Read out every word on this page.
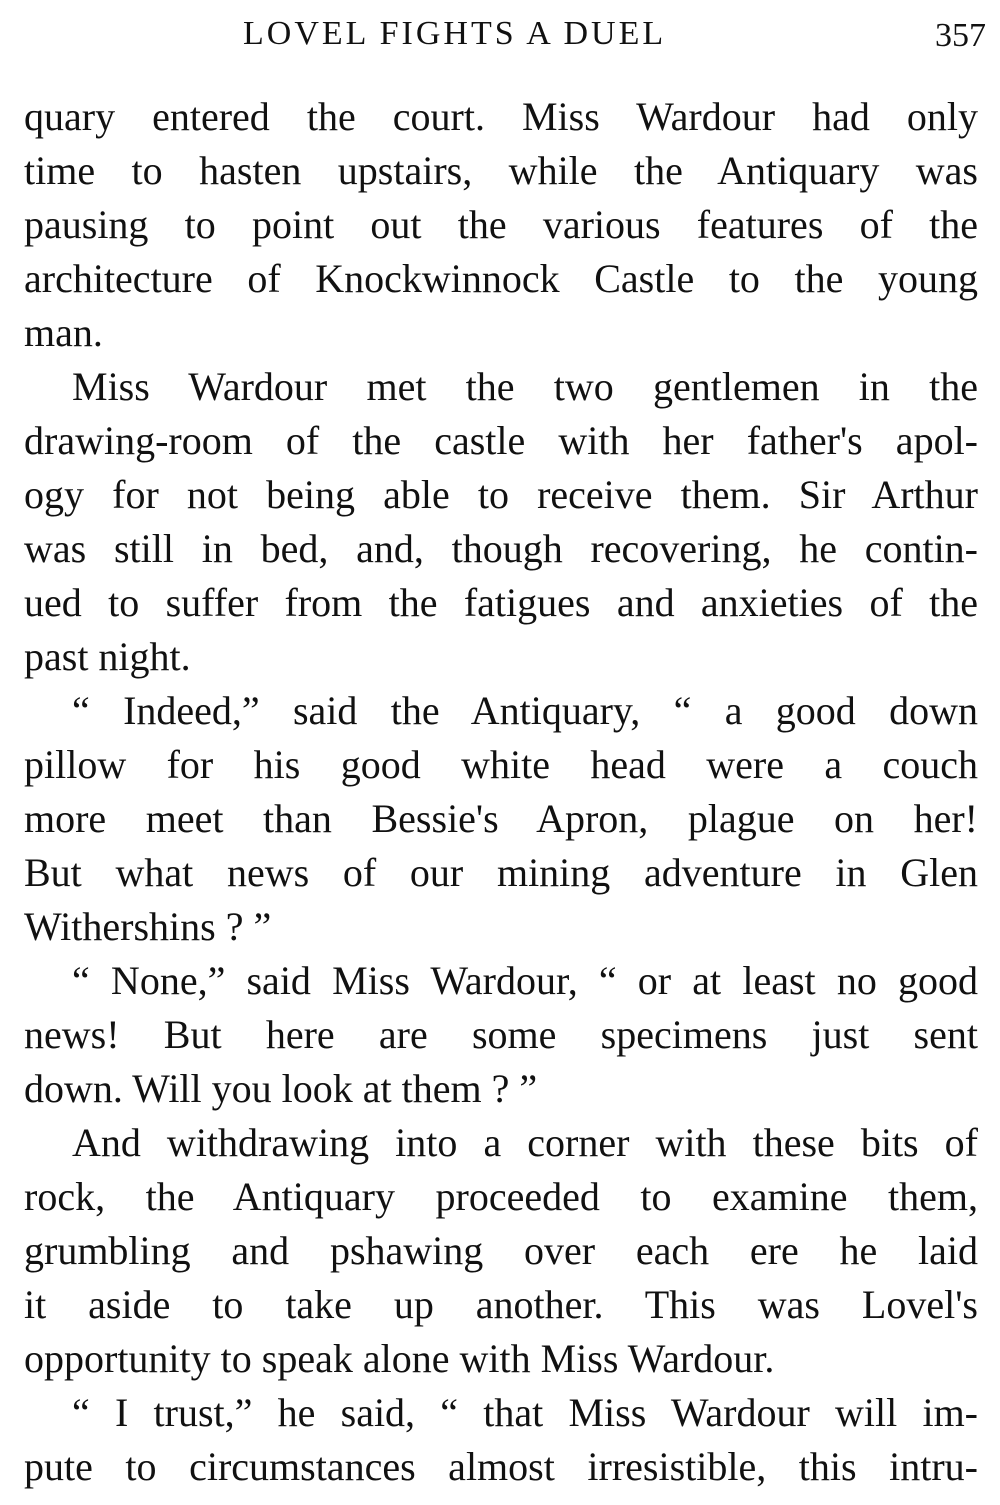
LOVEL FIGHTS A DUEL	357
quary entered the court. Miss Wardour had only
time to hasten upstairs, while the Antiquary was
pausing to point out the various features of the
architecture of Knockwinnock Castle to the young
man.
Miss Wardour met the two gentlemen in the
drawing-room of the castle with her father's apol-
ogy for not being able to receive them. Sir Arthur
was still in bed, and, though recovering, he contin-
ued to suffer from the fatigues and anxieties of the
past night.
“ Indeed,” said the Antiquary, “ a good down
pillow for his good white head were a couch
more meet than Bessie's Apron, plague on her!
But what news of our mining adventure in Glen
Withershins ? ”
“ None,” said Miss Wardour, “ or at least no good
news! But here are some specimens just sent
down. Will you look at them ? ”
And withdrawing into a corner with these bits of
rock, the Antiquary proceeded to examine them,
grumbling and pshawing over each ere he laid
it aside to take up another. This was Lovel's
opportunity to speak alone with Miss Wardour.
“ I trust,” he said, “ that Miss Wardour will im-
pute to circumstances almost irresistible, this intru-
